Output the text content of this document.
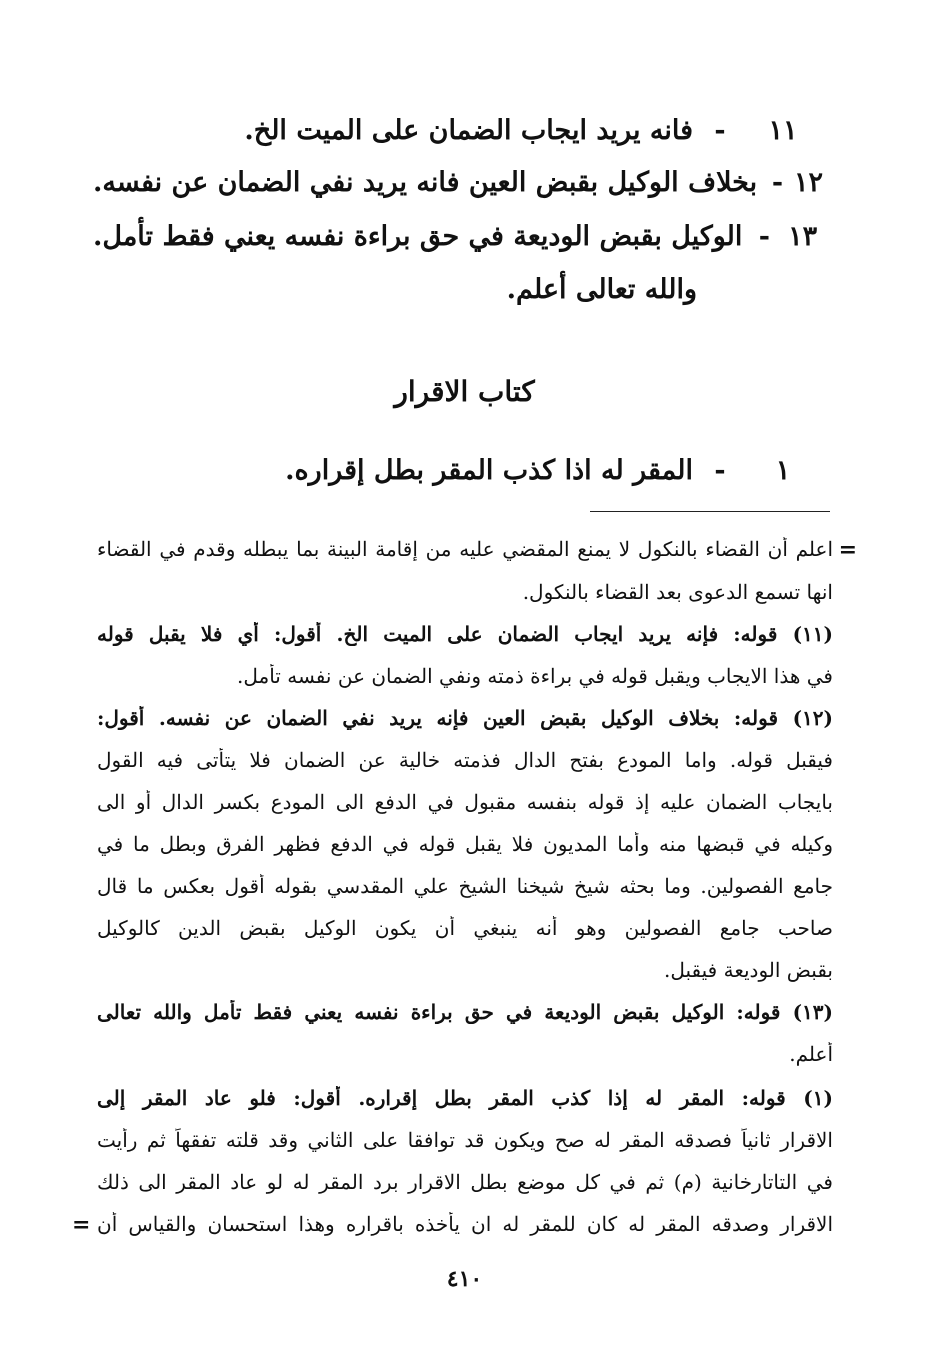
١١
-
فانه يريد ايجاب الضمان على الميت الخ.
١٢
-
بخلاف الوكيل بقبض العين فانه يريد نفي الضمان عن نفسه.
١٣
-
الوكيل بقبض الوديعة في حق براءة نفسه يعني فقط تأمل.
والله تعالى أعلم.
كتاب الاقرار
١
-
المقر له اذا كذب المقر بطل إقراره.
=
اعلم أن القضاء بالنكول لا يمنع المقضي عليه من إقامة البينة بما يبطله وقدم في القضاء
انها تسمع الدعوى بعد القضاء بالنكول.
(١١) قوله: فإنه يريد ايجاب الضمان على الميت الخ. أقول: أي فلا يقبل قوله
في هذا الايجاب ويقبل قوله في براءة ذمته ونفي الضمان عن نفسه تأمل.
(١٢) قوله: بخلاف الوكيل بقبض العين فإنه يريد نفي الضمان عن نفسه. أقول:
فيقبل قوله. واما المودع بفتح الدال فذمته خالية عن الضمان فلا يتأتى فيه القول
بايجاب الضمان عليه إذ قوله بنفسه مقبول في الدفع الى المودع بكسر الدال أو الى
وكيله في قبضها منه وأما المديون فلا يقبل قوله في الدفع فظهر الفرق وبطل ما في
جامع الفصولين. وما بحثه شيخ شيخنا الشيخ علي المقدسي بقوله أقول بعكس ما قال
صاحب جامع الفصولين وهو أنه ينبغي أن يكون الوكيل بقبض الدين كالوكيل
بقبض الوديعة فيقبل.
(١٣) قوله: الوكيل بقبض الوديعة في حق براءة نفسه يعني فقط تأمل والله تعالى
أعلم.
(١) قوله: المقر له إذا كذب المقر بطل إقراره. أقول: فلو عاد المقر إلى
الاقرار ثانياً فصدقه المقر له صح ويكون قد توافقا على الثاني وقد قلته تفقهاً ثم رأيت
في التاتارخانية (م) ثم في كل موضع بطل الاقرار برد المقر له لو عاد المقر الى ذلك
الاقرار وصدقه المقر له كان للمقر له ان يأخذه باقراره وهذا استحسان والقياس أن
=
٤١٠
